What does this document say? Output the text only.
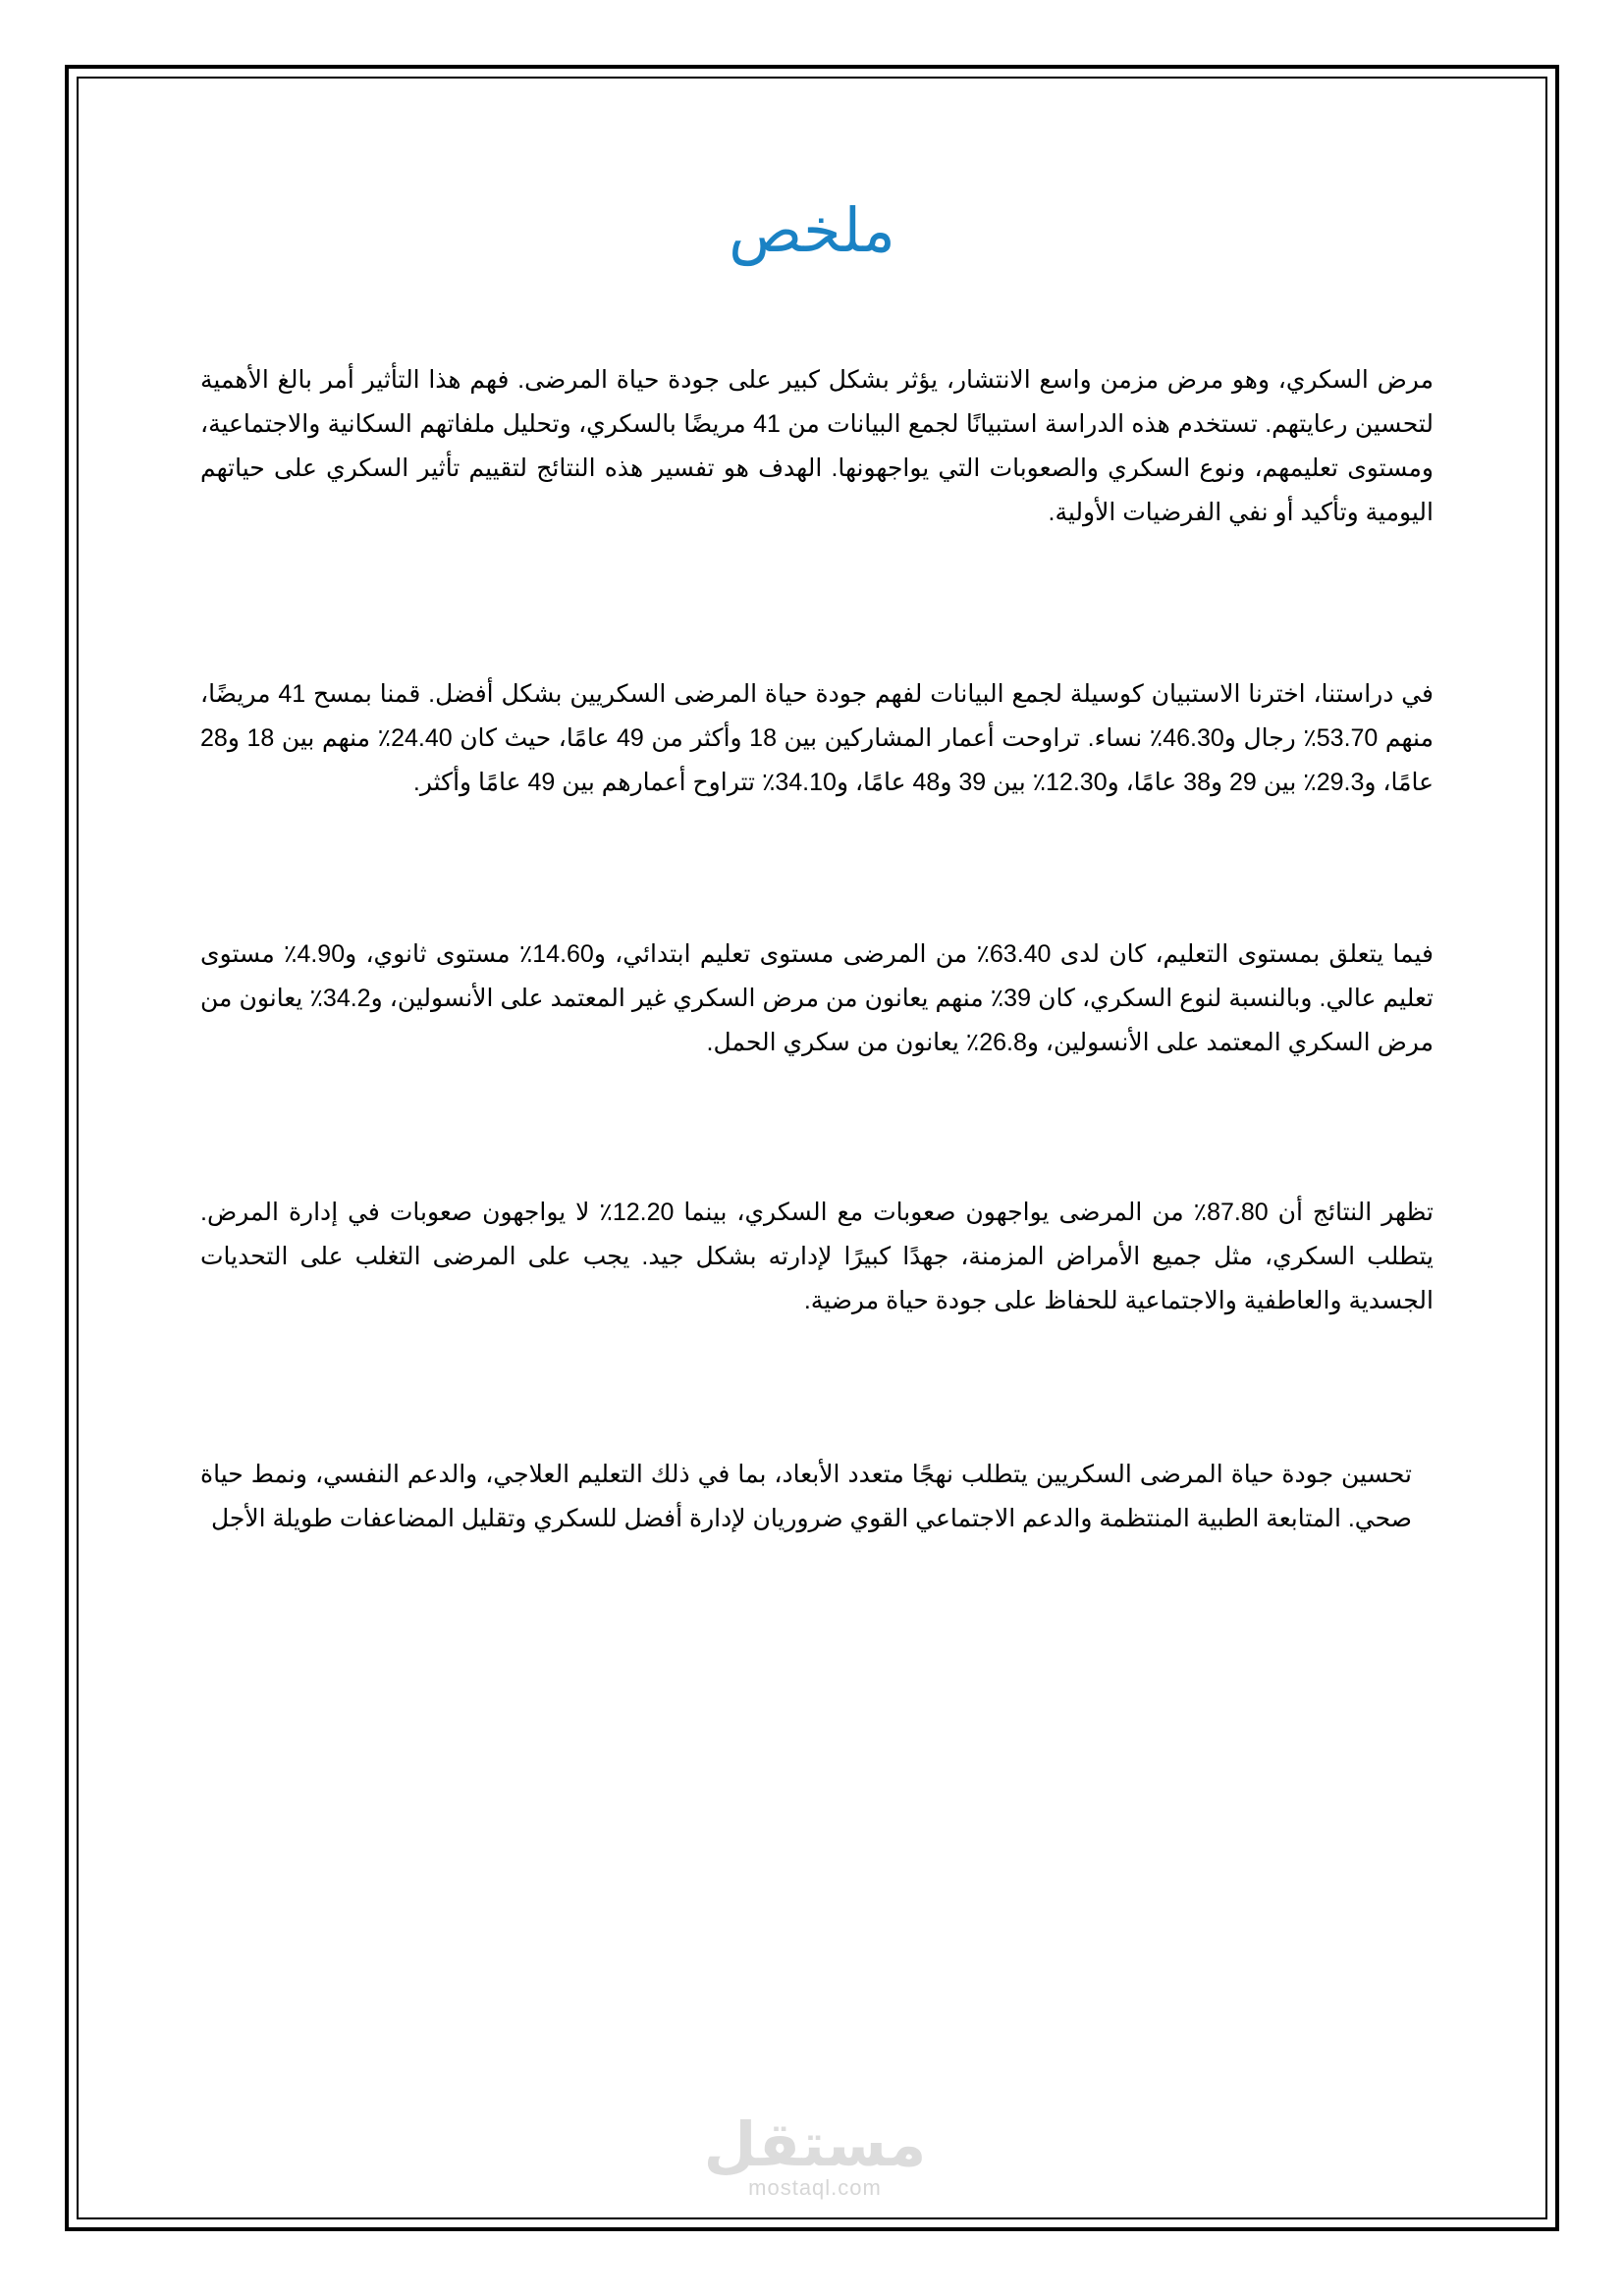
ملخص

مرض السكري، وهو مرض مزمن واسع الانتشار، يؤثر بشكل كبير على جودة حياة المرضى. فهم هذا التأثير أمر بالغ الأهمية لتحسين رعايتهم. تستخدم هذه الدراسة استبيانًا لجمع البيانات من 41 مريضًا بالسكري، وتحليل ملفاتهم السكانية والاجتماعية، ومستوى تعليمهم، ونوع السكري والصعوبات التي يواجهونها. الهدف هو تفسير هذه النتائج لتقييم تأثير السكري على حياتهم اليومية وتأكيد أو نفي الفرضيات الأولية.

في دراستنا، اخترنا الاستبيان كوسيلة لجمع البيانات لفهم جودة حياة المرضى السكريين بشكل أفضل. قمنا بمسح 41 مريضًا، منهم 53.70٪ رجال و46.30٪ نساء. تراوحت أعمار المشاركين بين 18 وأكثر من 49 عامًا، حيث كان 24.40٪ منهم بين 18 و28 عامًا، و29.3٪ بين 29 و38 عامًا، و12.30٪ بين 39 و48 عامًا، و34.10٪ تتراوح أعمارهم بين 49 عامًا وأكثر.

فيما يتعلق بمستوى التعليم، كان لدى 63.40٪ من المرضى مستوى تعليم ابتدائي، و14.60٪ مستوى ثانوي، و4.90٪ مستوى تعليم عالي. وبالنسبة لنوع السكري، كان 39٪ منهم يعانون من مرض السكري غير المعتمد على الأنسولين، و34.2٪ يعانون من مرض السكري المعتمد على الأنسولين، و26.8٪ يعانون من سكري الحمل.

تظهر النتائج أن 87.80٪ من المرضى يواجهون صعوبات مع السكري، بينما 12.20٪ لا يواجهون صعوبات في إدارة المرض. يتطلب السكري، مثل جميع الأمراض المزمنة، جهدًا كبيرًا لإدارته بشكل جيد. يجب على المرضى التغلب على التحديات الجسدية والعاطفية والاجتماعية للحفاظ على جودة حياة مرضية.

تحسين جودة حياة المرضى السكريين يتطلب نهجًا متعدد الأبعاد، بما في ذلك التعليم العلاجي، والدعم النفسي، ونمط حياة صحي. المتابعة الطبية المنتظمة والدعم الاجتماعي القوي ضروريان لإدارة أفضل للسكري وتقليل المضاعفات طويلة الأجل

مستقل
mostaql.com
